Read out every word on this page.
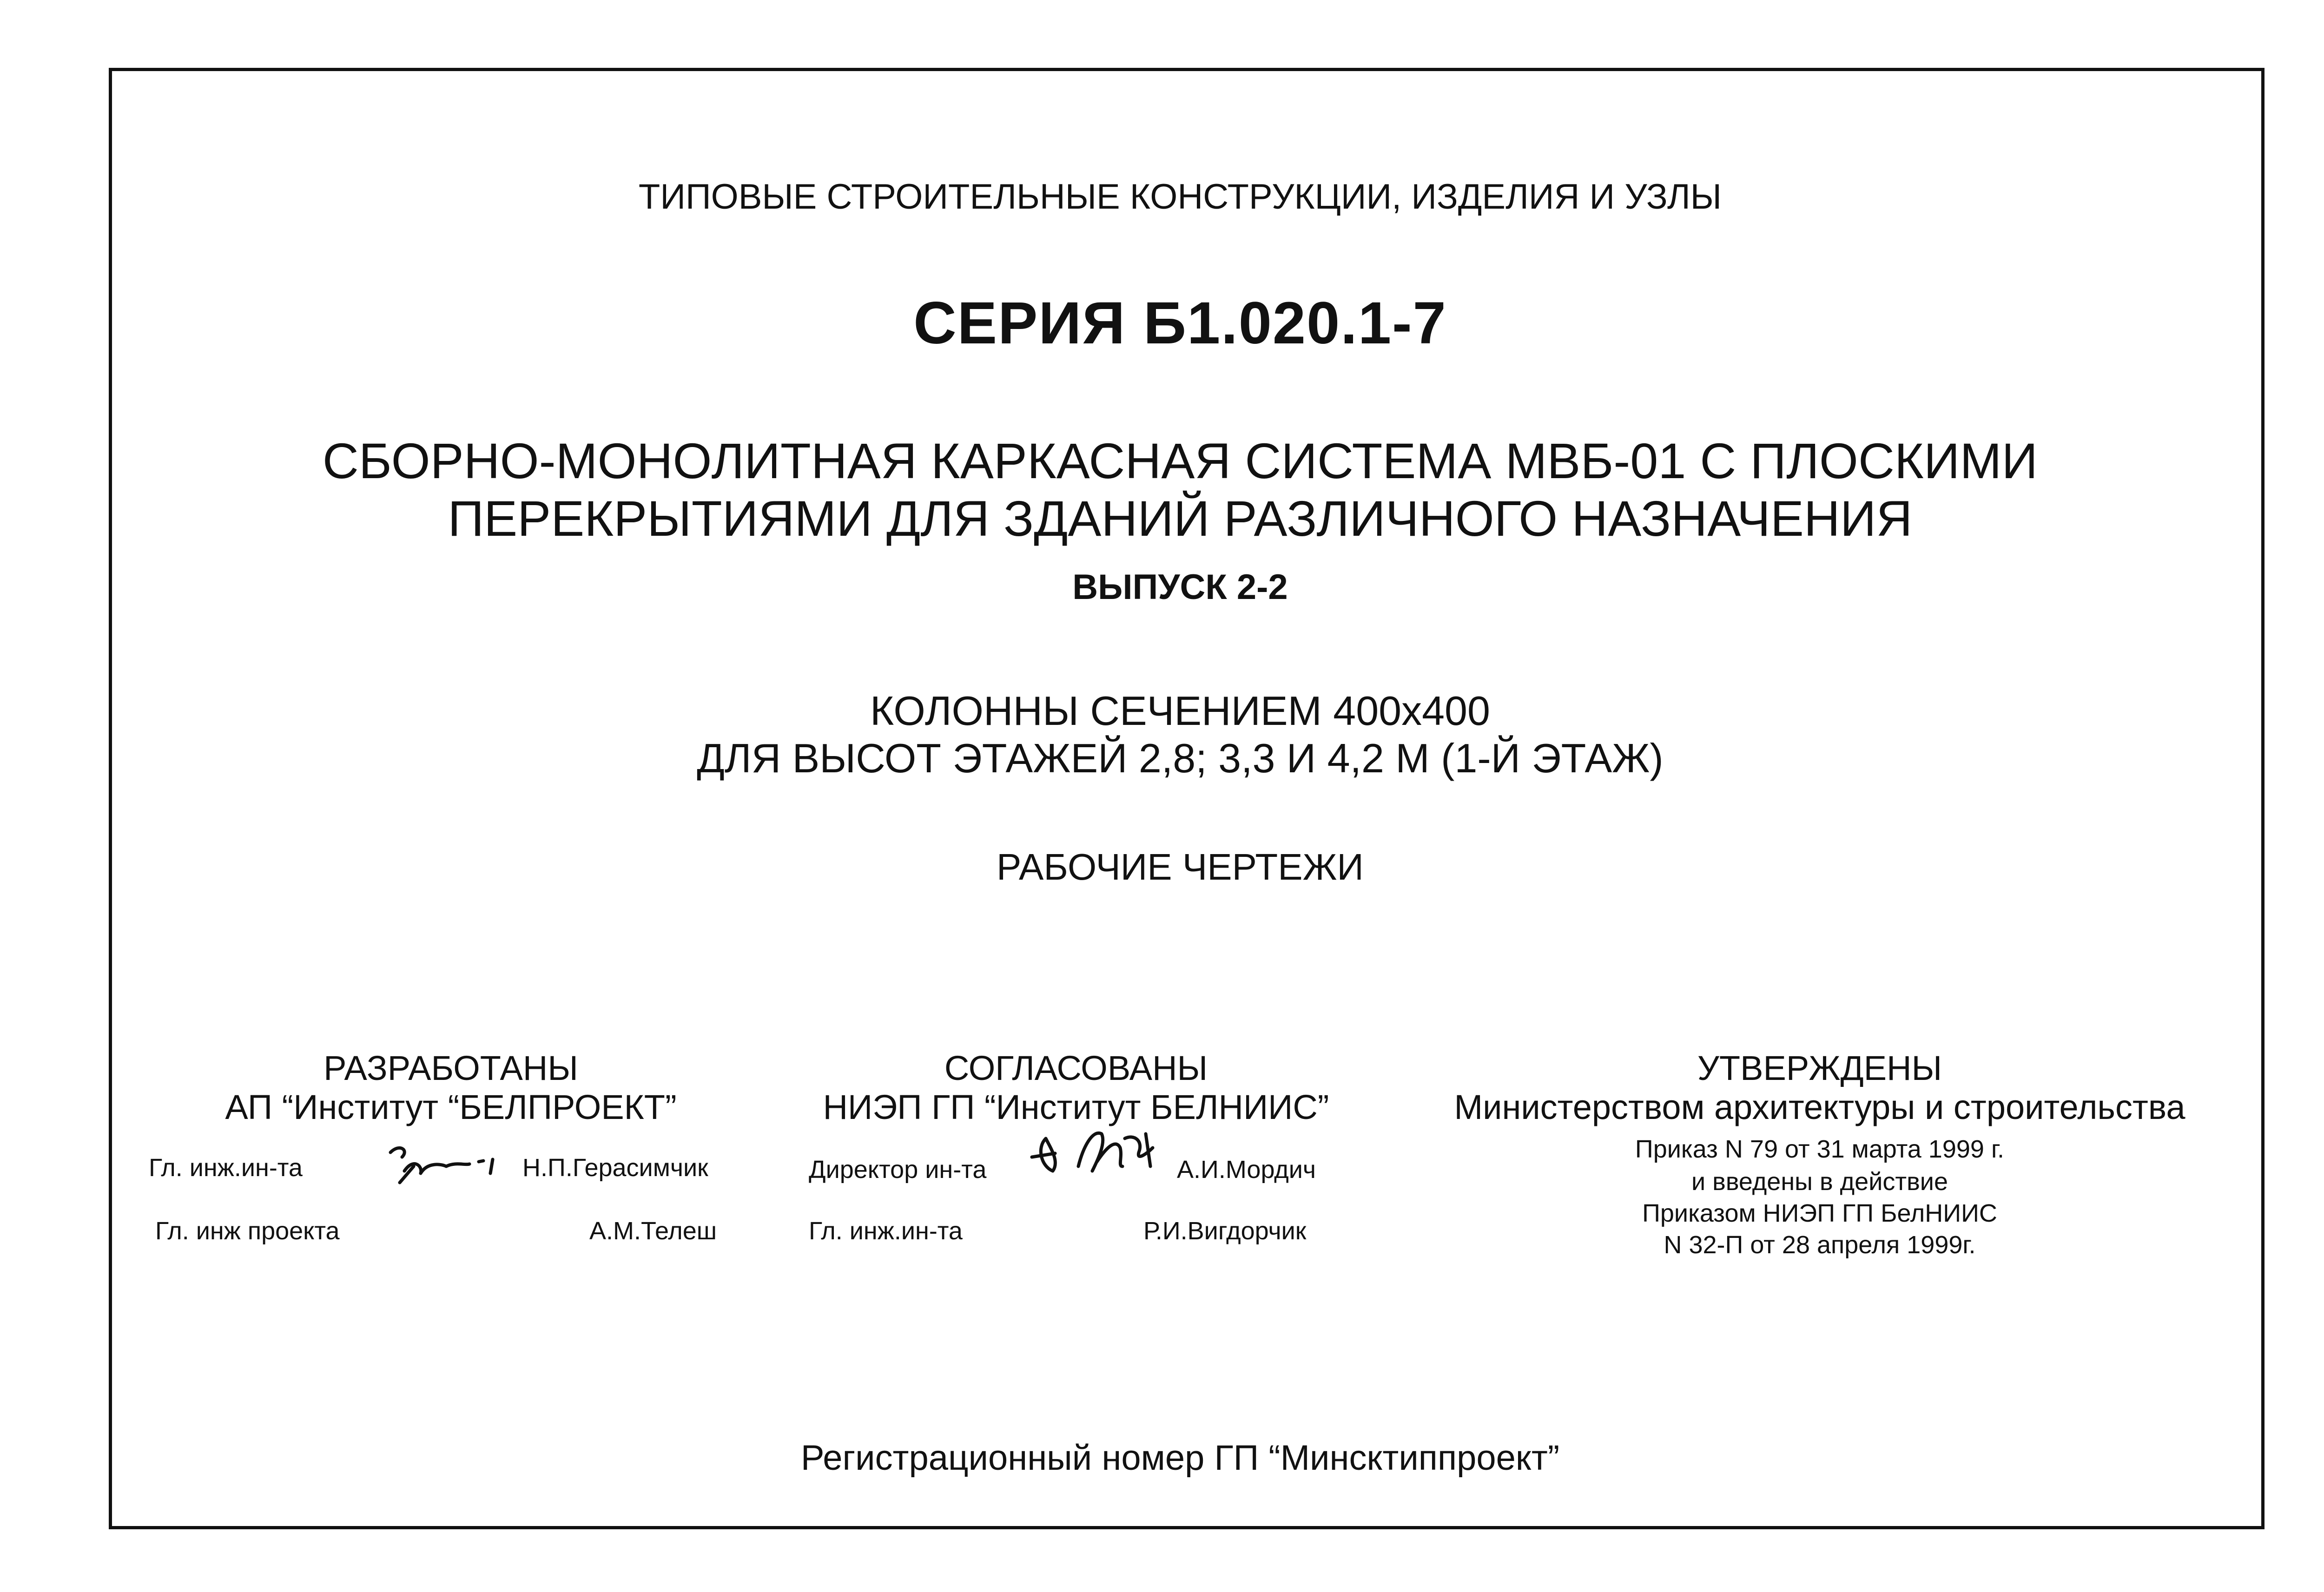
ТИПОВЫЕ СТРОИТЕЛЬНЫЕ КОНСТРУКЦИИ, ИЗДЕЛИЯ И УЗЛЫ
СЕРИЯ Б1.020.1-7
СБОРНО-МОНОЛИТНАЯ КАРКАСНАЯ СИСТЕМА МВБ-01 С ПЛОСКИМИ
ПЕРЕКРЫТИЯМИ ДЛЯ ЗДАНИЙ РАЗЛИЧНОГО НАЗНАЧЕНИЯ
ВЫПУСК 2-2
КОЛОННЫ СЕЧЕНИЕМ 400х400
ДЛЯ ВЫСОТ ЭТАЖЕЙ 2,8; 3,3 И 4,2 М (1-Й ЭТАЖ)
РАБОЧИЕ ЧЕРТЕЖИ
РАЗРАБОТАНЫ
АП “Институт “БЕЛПРОЕКТ”
Гл. инж.ин-та	Н.П.Герасимчик
Гл. инж проекта	А.М.Телеш
СОГЛАСОВАНЫ
НИЭП ГП “Институт БЕЛНИИС”
Директор ин-та	А.И.Мордич
Гл. инж.ин-та	Р.И.Вигдорчик
УТВЕРЖДЕНЫ
Министерством архитектуры и строительства
Приказ N 79 от 31 марта 1999 г.
и введены в действие
Приказом НИЭП ГП БелНИИС
N 32-П от 28 апреля 1999г.
Регистрационный номер ГП “Минсктиппроект”
